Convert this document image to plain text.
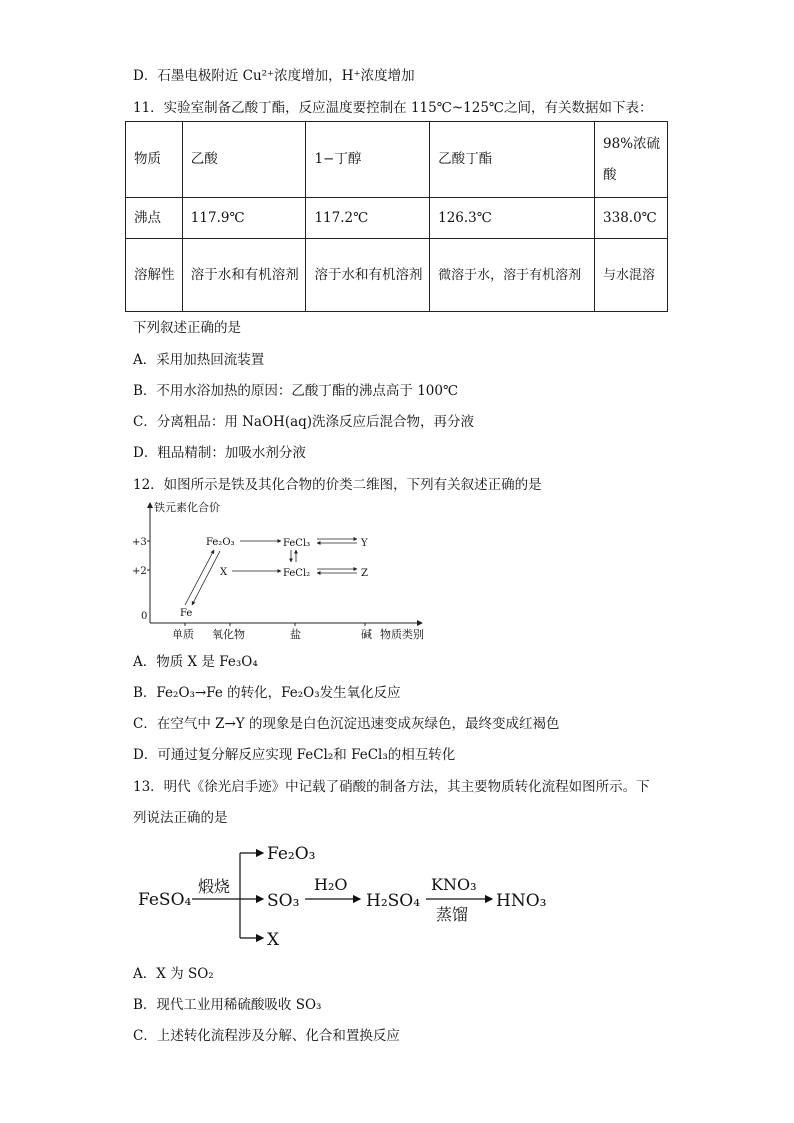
D．石墨电极附近 Cu²⁺浓度增加，H⁺浓度增加
11．实验室制备乙酸丁酯，反应温度要控制在 115℃~125℃之间，有关数据如下表：
物质	乙酸	1−丁醇	乙酸丁酯	98%浓硫酸
沸点	117.9℃	117.2℃	126.3℃	338.0℃
溶解性	溶于水和有机溶剂	溶于水和有机溶剂	微溶于水，溶于有机溶剂	与水混溶
下列叙述正确的是
A．采用加热回流装置
B．不用水浴加热的原因：乙酸丁酯的沸点高于 100℃
C．分离粗品：用 NaOH(aq)洗涤反应后混合物，再分液
D．粗品精制：加吸水剂分液
12．如图所示是铁及其化合物的价类二维图，下列有关叙述正确的是
铁元素化合价
+3
+2
0
单质 氧化物	盐	碱 物质类别
Fe₂O₃	FeCl₃	Y
X	FeCl₂	Z
Fe
A．物质 X 是 Fe₃O₄
B．Fe₂O₃→Fe 的转化，Fe₂O₃发生氧化反应
C．在空气中 Z→Y 的现象是白色沉淀迅速变成灰绿色，最终变成红褐色
D．可通过复分解反应实现 FeCl₂和 FeCl₃的相互转化
13．明代《徐光启手迹》中记载了硝酸的制备方法，其主要物质转化流程如图所示。下
列说法正确的是
FeSO₄
煅烧
Fe₂O₃
SO₃
X
H₂O
H₂SO₄
KNO₃
蒸馏
HNO₃
A．X 为 SO₂
B．现代工业用稀硫酸吸收 SO₃
C．上述转化流程涉及分解、化合和置换反应
